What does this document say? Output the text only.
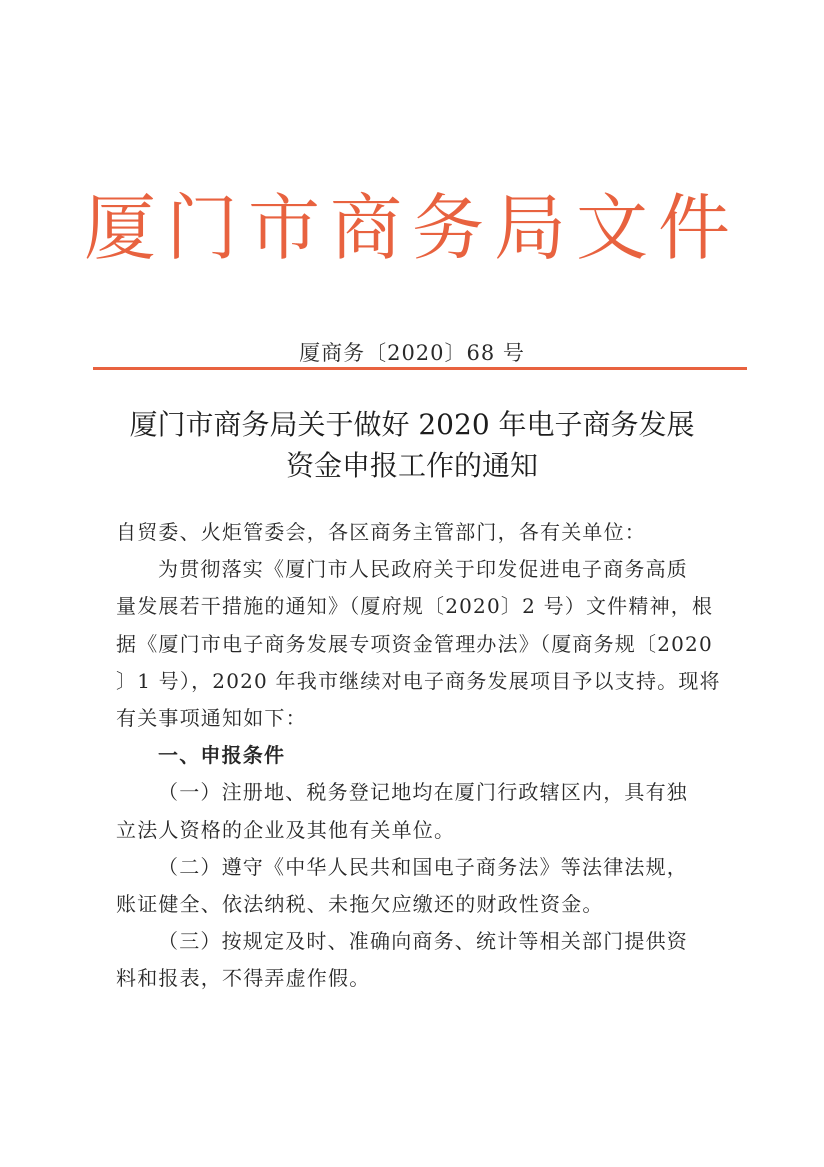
厦门市商务局文件
厦商务〔2020〕68 号
厦门市商务局关于做好 2020 年电子商务发展
资金申报工作的通知
自贸委、火炬管委会，各区商务主管部门，各有关单位：
为贯彻落实《厦门市人民政府关于印发促进电子商务高质
量发展若干措施的通知》（厦府规〔2020〕2 号）文件精神，根
据《厦门市电子商务发展专项资金管理办法》（厦商务规〔2020
〕1 号），2020 年我市继续对电子商务发展项目予以支持。现将
有关事项通知如下：
一、申报条件
（一）注册地、税务登记地均在厦门行政辖区内，具有独
立法人资格的企业及其他有关单位。
（二）遵守《中华人民共和国电子商务法》等法律法规，
账证健全、依法纳税、未拖欠应缴还的财政性资金。
（三）按规定及时、准确向商务、统计等相关部门提供资
料和报表，不得弄虚作假。
